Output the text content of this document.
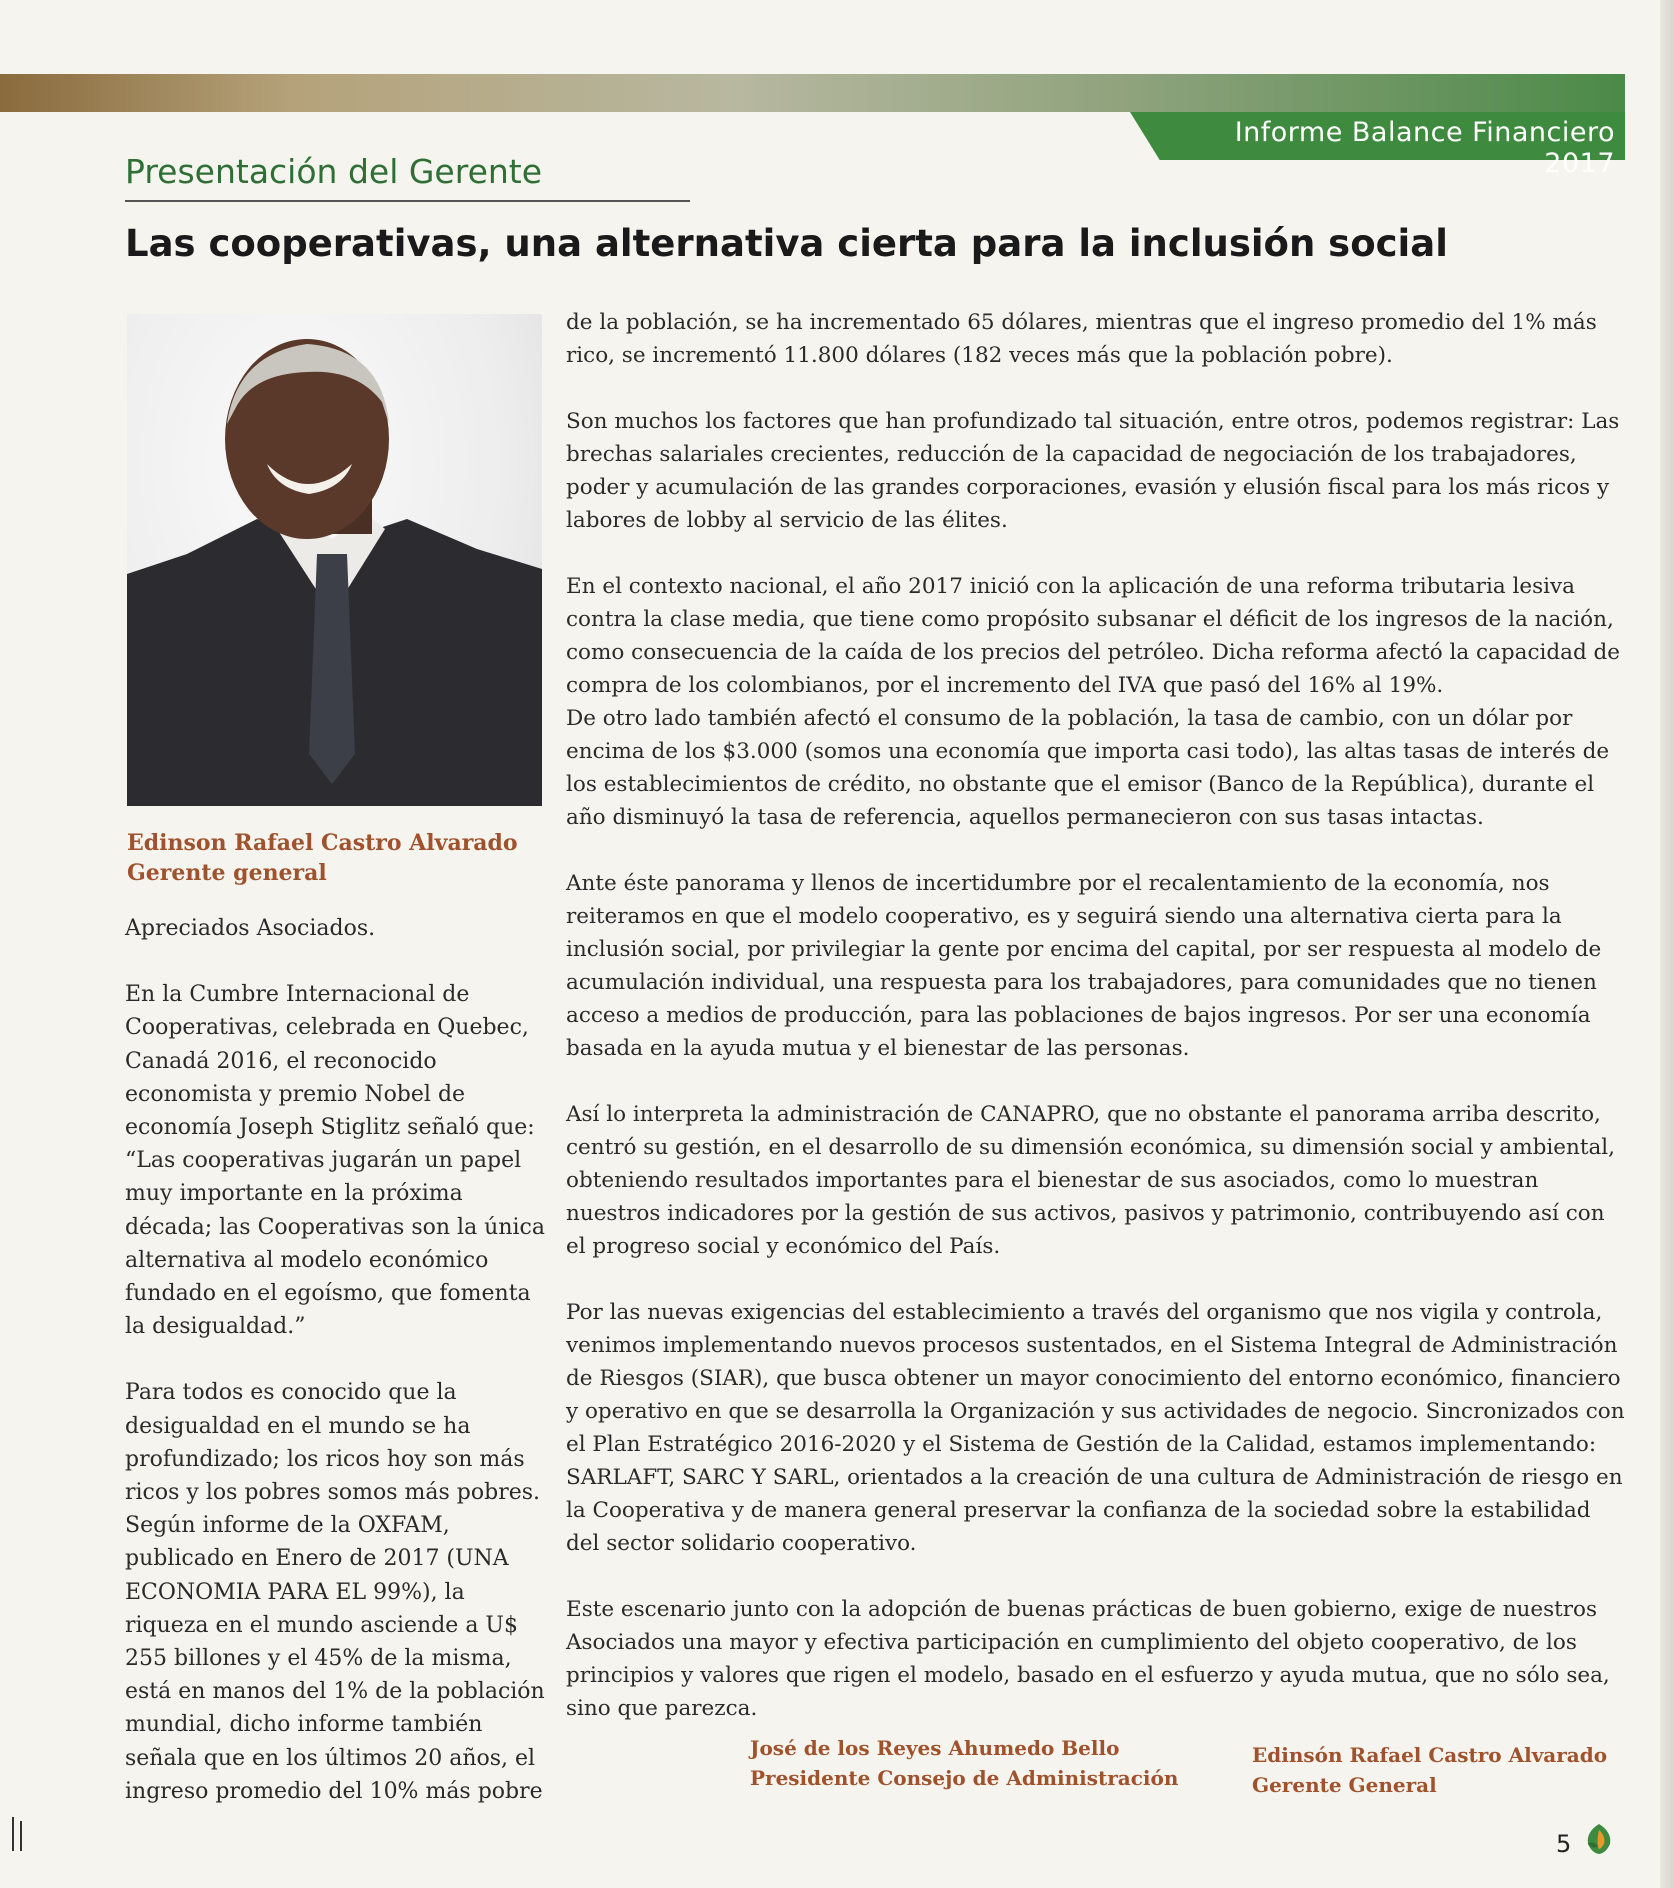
Informe Balance Financiero 2017
Presentación del Gerente
Las cooperativas, una alternativa cierta para la inclusión social
Edinson Rafael Castro Alvarado
Gerente general

Apreciados Asociados.

En la Cumbre Internacional de Cooperativas, celebrada en Quebec, Canadá 2016, el reconocido economista y premio Nobel de economía Joseph Stiglitz señaló que: “Las cooperativas jugarán un papel muy importante en la próxima década; las Cooperativas son la única alternativa al modelo económico fundado en el egoísmo, que fomenta la desigualdad.”

Para todos es conocido que la desigualdad en el mundo se ha profundizado; los ricos hoy son más ricos y los pobres somos más pobres. Según informe de la OXFAM, publicado en Enero de 2017 (UNA ECONOMIA PARA EL 99%), la riqueza en el mundo asciende a U$ 255 billones y el 45% de la misma, está en manos del 1% de la población mundial, dicho informe también señala que en los últimos 20 años, el ingreso promedio del 10% más pobre

de la población, se ha incrementado 65 dólares, mientras que el ingreso promedio del 1% más rico, se incrementó 11.800 dólares (182 veces más que la población pobre).

Son muchos los factores que han profundizado tal situación, entre otros, podemos registrar: Las brechas salariales crecientes, reducción de la capacidad de negociación de los trabajadores, poder y acumulación de las grandes corporaciones, evasión y elusión fiscal para los más ricos y labores de lobby al servicio de las élites.

En el contexto nacional, el año 2017 inició con la aplicación de una reforma tributaria lesiva contra la clase media, que tiene como propósito subsanar el déficit de los ingresos de la nación, como consecuencia de la caída de los precios del petróleo. Dicha reforma afectó la capacidad de compra de los colombianos, por el incremento del IVA que pasó del 16% al 19%.

De otro lado también afectó el consumo de la población, la tasa de cambio, con un dólar por encima de los $3.000 (somos una economía que importa casi todo), las altas tasas de interés de los establecimientos de crédito, no obstante que el emisor (Banco de la República), durante el año disminuyó la tasa de referencia, aquellos permanecieron con sus tasas intactas.

Ante éste panorama y llenos de incertidumbre por el recalentamiento de la economía, nos reiteramos en que el modelo cooperativo, es y seguirá siendo una alternativa cierta para la inclusión social, por privilegiar la gente por encima del capital, por ser respuesta al modelo de acumulación individual, una respuesta para los trabajadores, para comunidades que no tienen acceso a medios de producción, para las poblaciones de bajos ingresos. Por ser una economía basada en la ayuda mutua y el bienestar de las personas.

Así lo interpreta la administración de CANAPRO, que no obstante el panorama arriba descrito, centró su gestión, en el desarrollo de su dimensión económica, su dimensión social y ambiental, obteniendo resultados importantes para el bienestar de sus asociados, como lo muestran nuestros indicadores por la gestión de sus activos, pasivos y patrimonio, contribuyendo así con el progreso social y económico del País.

Por las nuevas exigencias del establecimiento a través del organismo que nos vigila y controla, venimos implementando nuevos procesos sustentados, en el Sistema Integral de Administración de Riesgos (SIAR), que busca obtener un mayor conocimiento del entorno económico, financiero y operativo en que se desarrolla la Organización y sus actividades de negocio. Sincronizados con el Plan Estratégico 2016-2020 y el Sistema de Gestión de la Calidad, estamos implementando: SARLAFT, SARC Y SARL, orientados a la creación de una cultura de Administración de riesgo en la Cooperativa y de manera general preservar la confianza de la sociedad sobre la estabilidad del sector solidario cooperativo.

Este escenario junto con la adopción de buenas prácticas de buen gobierno, exige de nuestros Asociados una mayor y efectiva participación en cumplimiento del objeto cooperativo, de los principios y valores que rigen el modelo, basado en el esfuerzo y ayuda mutua, que no sólo sea, sino que parezca.

José de los Reyes Ahumedo Bello
Presidente Consejo de Administración
Edinsón Rafael Castro Alvarado
Gerente General
5
